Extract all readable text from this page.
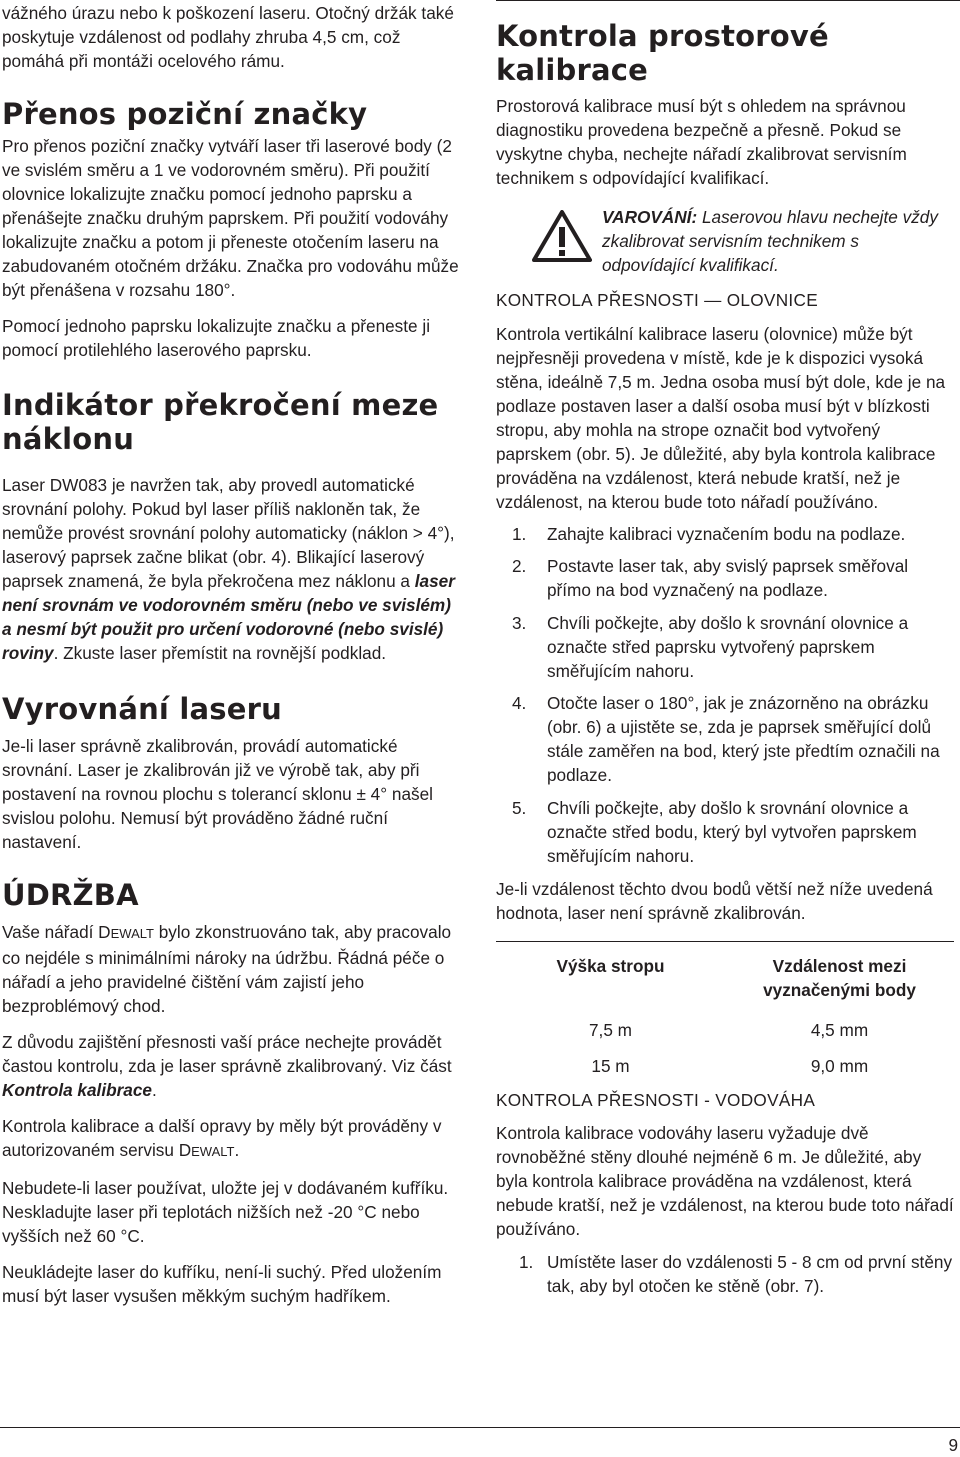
vážného úrazu nebo k poškození laseru. Otočný držák také poskytuje vzdálenost od podlahy zhruba 4,5 cm, což pomáhá při montáži ocelového rámu.

Přenos poziční značky

Pro přenos poziční značky vytváří laser tři laserové body (2 ve svislém směru a 1 ve vodorovném směru). Při použití olovnice lokalizujte značku pomocí jednoho paprsku a přenášejte značku druhým paprskem. Při použití vodováhy lokalizujte značku a potom ji přeneste otočením laseru na zabudovaném otočném držáku. Značka pro vodováhu může být přenášena v rozsahu 180°.

Pomocí jednoho paprsku lokalizujte značku a přeneste ji pomocí protilehlého laserového paprsku.

Indikátor překročení meze náklonu

Laser DW083 je navržen tak, aby provedl automatické srovnání polohy. Pokud byl laser příliš nakloněn tak, že nemůže provést srovnání polohy automaticky (náklon > 4°), laserový paprsek začne blikat (obr. 4). Blikající laserový paprsek znamená, že byla překročena mez náklonu a laser není srovnám ve vodorovném směru (nebo ve svislém) a nesmí být použit pro určení vodorovné (nebo svislé) roviny. Zkuste laser přemístit na rovnější podklad.

Vyrovnání laseru

Je-li laser správně zkalibrován, provádí automatické srovnání. Laser je zkalibrován již ve výrobě tak, aby při postavení na rovnou plochu s tolerancí sklonu ± 4° našel svislou polohu. Nemusí být prováděno žádné ruční nastavení.

ÚDRŽBA

Vaše nářadí DEWALT bylo zkonstruováno tak, aby pracovalo co nejdéle s minimálními nároky na údržbu. Řádná péče o nářadí a jeho pravidelné čištění vám zajistí jeho bezproblémový chod.

Z důvodu zajištění přesnosti vaší práce nechejte provádět častou kontrolu, zda je laser správně zkalibrovaný. Viz část Kontrola kalibrace.

Kontrola kalibrace a další opravy by měly být prováděny v autorizovaném servisu DEWALT.

Nebudete-li laser používat, uložte jej v dodávaném kufříku. Neskladujte laser při teplotách nižších než -20 °C nebo vyšších než 60 °C.

Neukládejte laser do kufříku, není-li suchý. Před uložením musí být laser vysušen měkkým suchým hadříkem.

Kontrola prostorové kalibrace

Prostorová kalibrace musí být s ohledem na správnou diagnostiku provedena bezpečně a přesně. Pokud se vyskytne chyba, nechejte nářadí zkalibrovat servisním technikem s odpovídající kvalifikací.

VAROVÁNÍ: Laserovou hlavu nechejte vždy zkalibrovat servisním technikem s odpovídající kvalifikací.

KONTROLA PŘESNOSTI — OLOVNICE

Kontrola vertikální kalibrace laseru (olovnice) může být nejpřesněji provedena v místě, kde je k dispozici vysoká stěna, ideálně 7,5 m. Jedna osoba musí být dole, kde je na podlaze postaven laser a další osoba musí být v blízkosti stropu, aby mohla na strope označit bod vytvořený paprskem (obr. 5). Je důležité, aby byla kontrola kalibrace prováděna na vzdálenost, která nebude kratší, než je vzdálenost, na kterou bude toto nářadí používáno.

1. Zahajte kalibraci vyznačením bodu na podlaze.
2. Postavte laser tak, aby svislý paprsek směřoval přímo na bod vyznačený na podlaze.
3. Chvíli počkejte, aby došlo k srovnání olovnice a označte střed paprsku vytvořený paprskem směřujícím nahoru.
4. Otočte laser o 180°, jak je znázorněno na obrázku (obr. 6) a ujistěte se, zda je paprsek směřující dolů stále zaměřen na bod, který jste předtím označili na podlaze.
5. Chvíli počkejte, aby došlo k srovnání olovnice a označte střed bodu, který byl vytvořen paprskem směřujícím nahoru.

Je-li vzdálenost těchto dvou bodů větší než níže uvedená hodnota, laser není správně zkalibrován.

Výška stropu	Vzdálenost mezi vyznačenými body
7,5 m	4,5 mm
15 m	9,0 mm
KONTROLA PŘESNOSTI - VODOVÁHA

Kontrola kalibrace vodováhy laseru vyžaduje dvě rovnoběžné stěny dlouhé nejméně 6 m. Je důležité, aby byla kontrola kalibrace prováděna na vzdálenost, která nebude kratší, než je vzdálenost, na kterou bude toto nářadí používáno.

1. Umístěte laser do vzdálenosti 5 - 8 cm od první stěny tak, aby byl otočen ke stěně (obr. 7).
9
